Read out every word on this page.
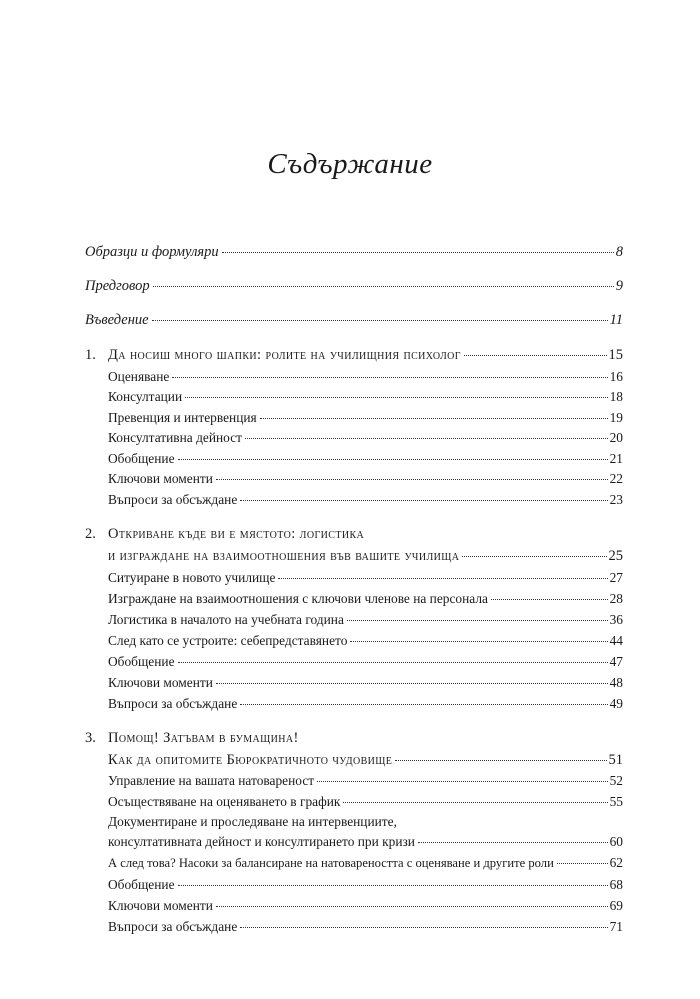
Съдържание
Образци и формуляри	8
Предговор	9
Въведение	11
1. Да носиш много шапки: ролите на училищния психолог	15
Оценяване	16
Консултации	18
Превенция и интервенция	19
Консултативна дейност	20
Обобщение	21
Ключови моменти	22
Въпроси за обсъждане	23
2. Откриване къде ви е мястото: логистика
и изграждане на взаимоотношения във вашите училища	25
Ситуиране в новото училище	27
Изграждане на взаимоотношения с ключови членове на персонала	28
Логистика в началото на учебната година	36
След като се устроите: себепредставянето	44
Обобщение	47
Ключови моменти	48
Въпроси за обсъждане	49
3. Помощ! Затъвам в бумащина!
Как да опитомите Бюрократичното чудовище	51
Управление на вашата натовареност	52
Осъществяване на оценяването в график	55
Документиране и проследяване на интервенциите,
консултативната дейност и консултирането при кризи	60
А след това? Насоки за балансиране на натовареността с оценяване и другите роли	62
Обобщение	68
Ключови моменти	69
Въпроси за обсъждане	71
